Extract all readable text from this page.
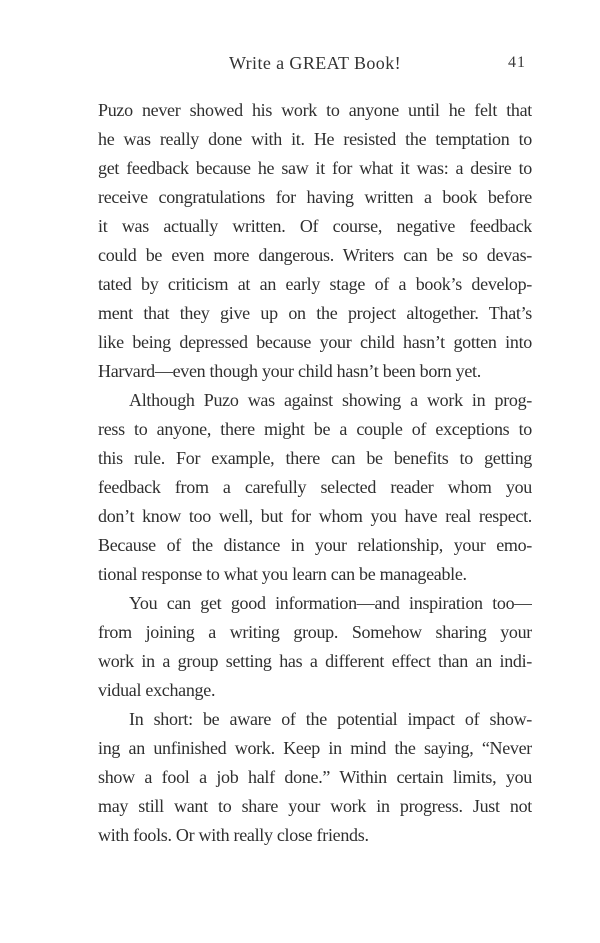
Write a GREAT Book!	41
Puzo never showed his work to anyone until he felt that
he was really done with it. He resisted the temptation to
get feedback because he saw it for what it was: a desire to
receive congratulations for having written a book before
it was actually written. Of course, negative feedback
could be even more dangerous. Writers can be so devas-
tated by criticism at an early stage of a book’s develop-
ment that they give up on the project altogether. That’s
like being depressed because your child hasn’t gotten into
Harvard—even though your child hasn’t been born yet.
Although Puzo was against showing a work in prog-
ress to anyone, there might be a couple of exceptions to
this rule. For example, there can be benefits to getting
feedback from a carefully selected reader whom you
don’t know too well, but for whom you have real respect.
Because of the distance in your relationship, your emo-
tional response to what you learn can be manageable.
You can get good information—and inspiration too—
from joining a writing group. Somehow sharing your
work in a group setting has a different effect than an indi-
vidual exchange.
In short: be aware of the potential impact of show-
ing an unfinished work. Keep in mind the saying, “Never
show a fool a job half done.” Within certain limits, you
may still want to share your work in progress. Just not
with fools. Or with really close friends.
